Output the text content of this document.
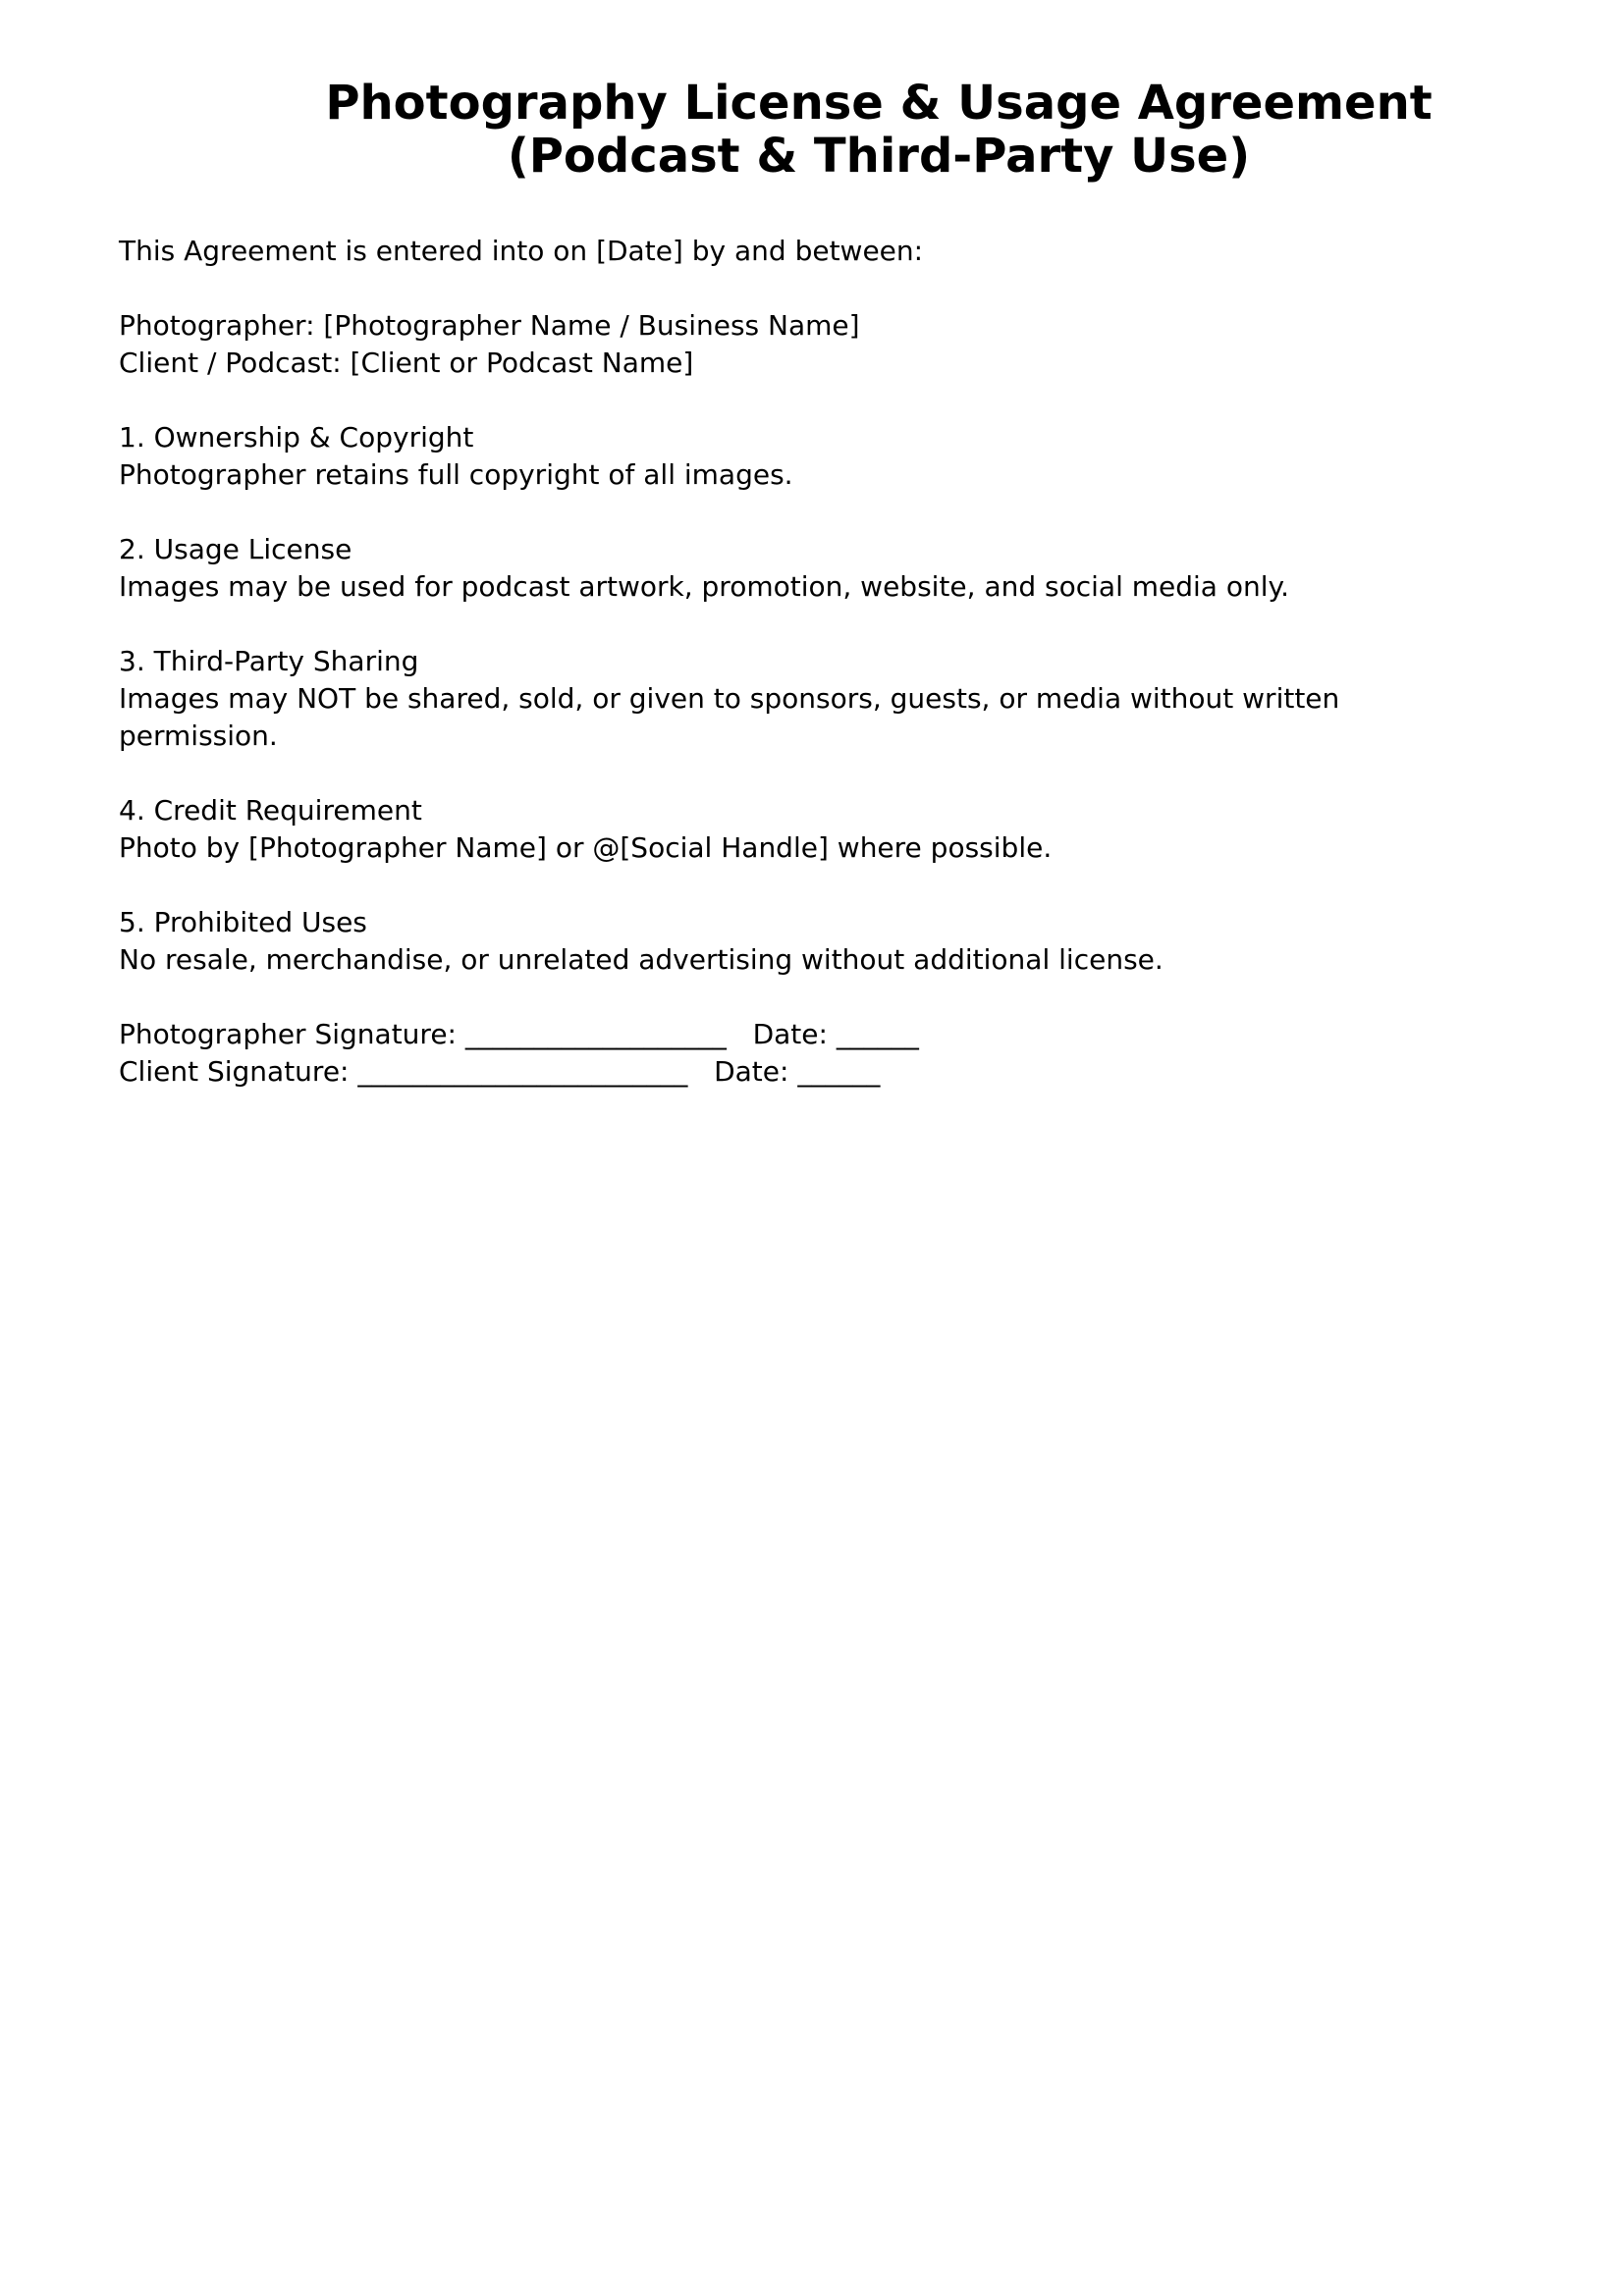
Photography License & Usage Agreement
(Podcast & Third-Party Use)
This Agreement is entered into on [Date] by and between:
Photographer: [Photographer Name / Business Name]
Client / Podcast: [Client or Podcast Name]
1. Ownership & Copyright
Photographer retains full copyright of all images.
2. Usage License
Images may be used for podcast artwork, promotion, website, and social media only.
3. Third-Party Sharing
Images may NOT be shared, sold, or given to sponsors, guests, or media without written
permission.
4. Credit Requirement
Photo by [Photographer Name] or @[Social Handle] where possible.
5. Prohibited Uses
No resale, merchandise, or unrelated advertising without additional license.
Photographer Signature: ___________________   Date: ______
Client Signature: ________________________   Date: ______
